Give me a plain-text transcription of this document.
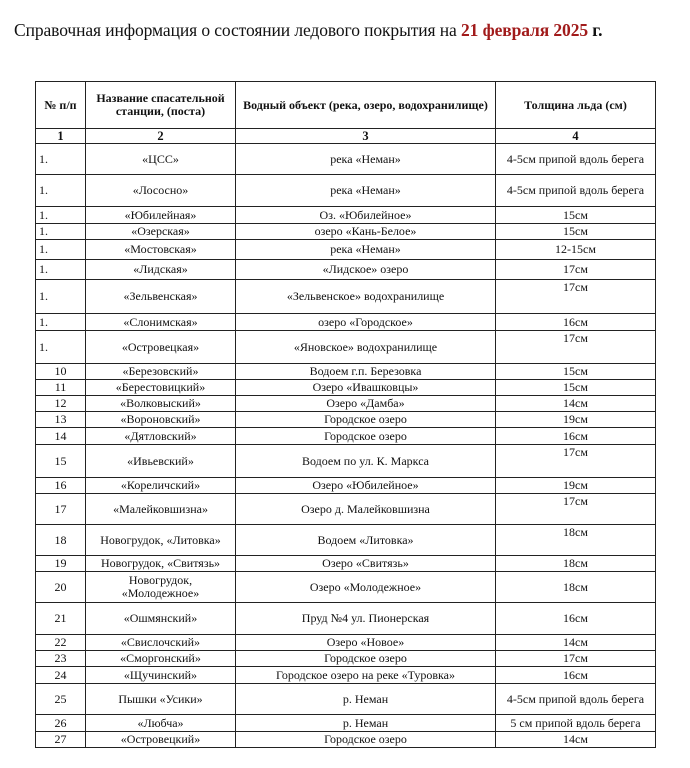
Справочная информация о состоянии ледового покрытия на 21 февраля 2025 г.
№ п/п	Название спасательной станции, (поста)	Водный объект (река, озеро, водохранилище)	Толщина льда (см)
1	2	3	4
1.	«ЦСС»	река «Неман»	4-5см припой вдоль берега
1.	«Лососно»	река «Неман»	4-5см припой вдоль берега
1.	«Юбилейная»	Оз. «Юбилейное»	15см
1.	«Озерская»	озеро «Кань-Белое»	15см
1.	«Мостовская»	река «Неман»	12-15см
1.	«Лидская»	«Лидское» озеро	17см
1.	«Зельвенская»	«Зельвенское» водохранилище	17см
1.	«Слонимская»	озеро «Городское»	16см
1.	«Островецкая»	«Яновское» водохранилище	17см
10	«Березовский»	Водоем г.п. Березовка	15см
11	«Берестовицкий»	Озеро «Ивашковцы»	15см
12	«Волковыский»	Озеро «Дамба»	14см
13	«Вороновский»	Городское озеро	19см
14	«Дятловский»	Городское озеро	16см
15	«Ивьевский»	Водоем по ул. К. Маркса	17см
16	«Кореличский»	Озеро «Юбилейное»	19см
17	«Малейковшизна»	Озеро д. Малейковшизна	17см
18	Новогрудок, «Литовка»	Водоем «Литовка»	18см
19	Новогрудок, «Свитязь»	Озеро «Свитязь»	18см
20	Новогрудок, «Молодежное»	Озеро «Молодежное»	18см
21	«Ошмянский»	Пруд №4 ул. Пионерская	16см
22	«Свислочский»	Озеро «Новое»	14см
23	«Сморгонский»	Городское озеро	17см
24	«Щучинский»	Городское озеро на реке «Туровка»	16см
25	Пышки «Усики»	р. Неман	4-5см припой вдоль берега
26	«Любча»	р. Неман	5 см припой вдоль берега
27	«Островецкий»	Городское озеро	14см
